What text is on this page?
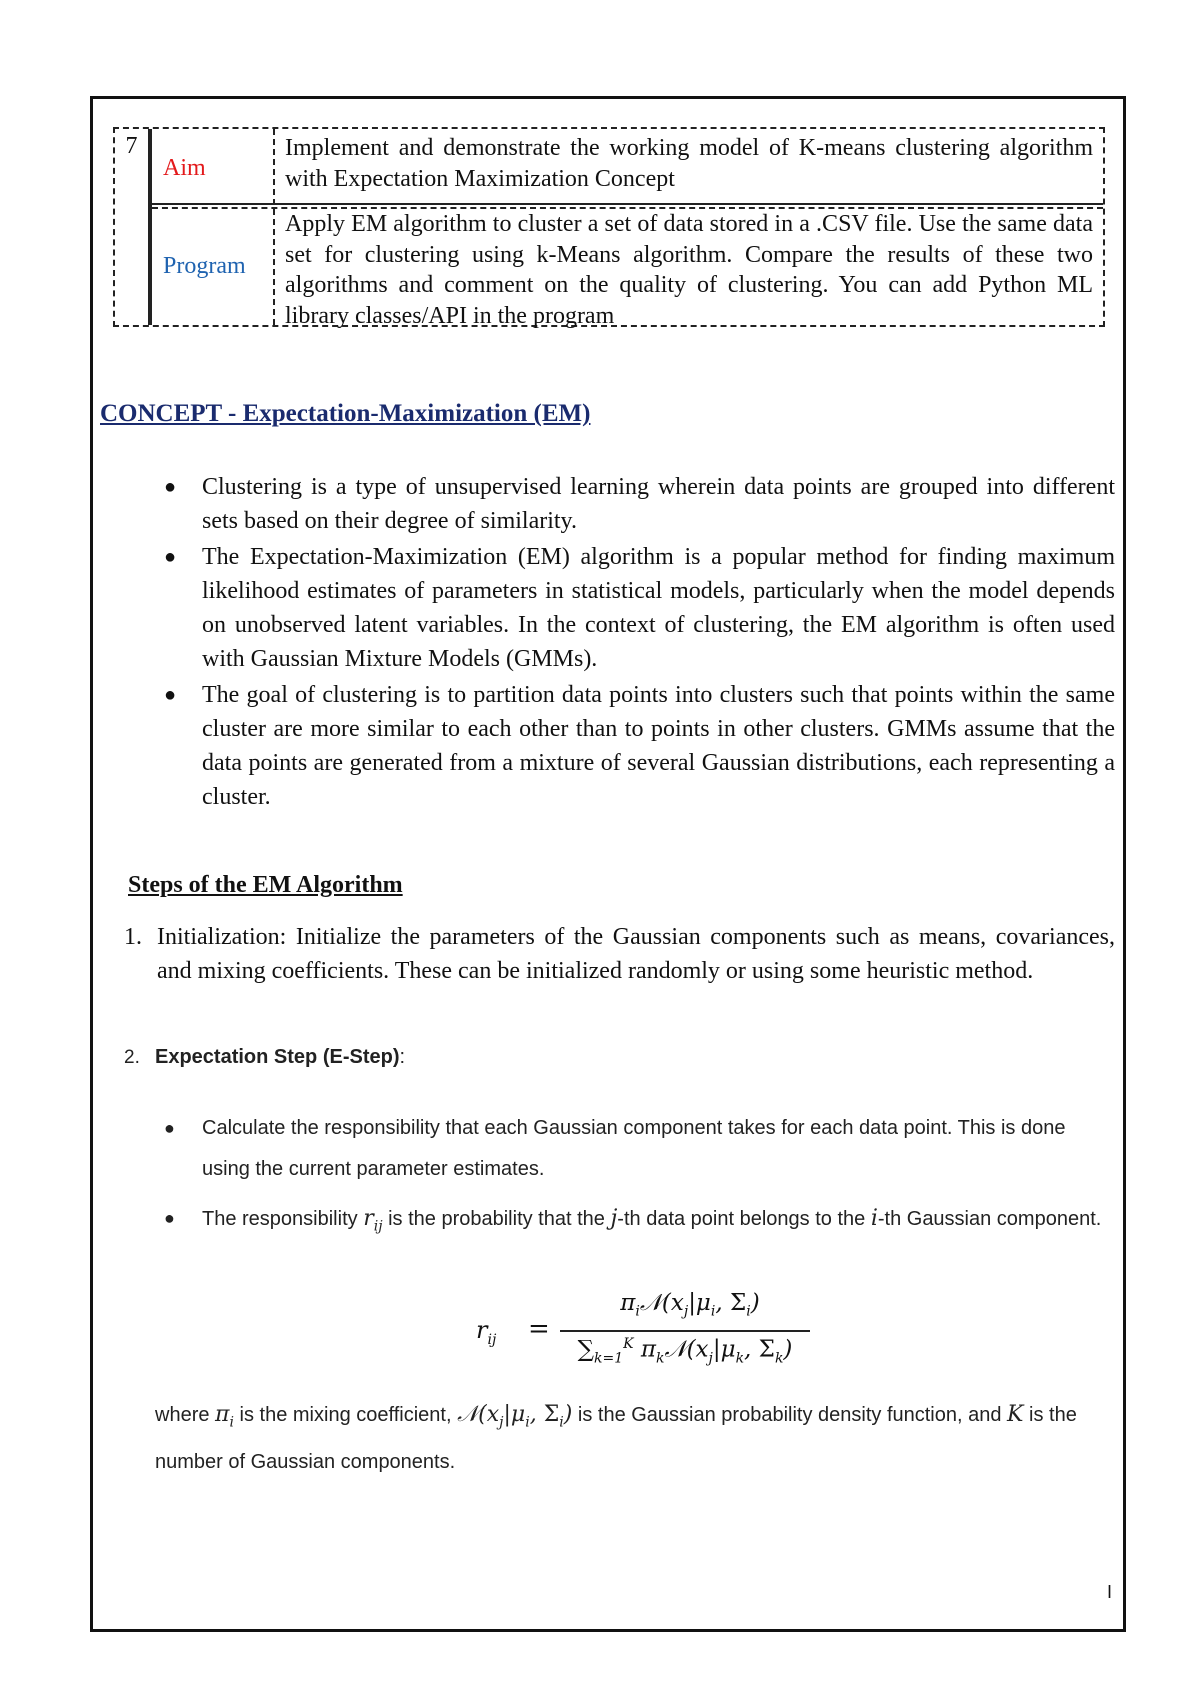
7
Aim
Implement and demonstrate the working model of K-means clustering algorithm with Expectation Maximization Concept
Program
Apply EM algorithm to cluster a set of data stored in a .CSV file. Use the same data set for clustering using k-Means algorithm. Compare the results of these two algorithms and comment on the quality of clustering. You can add Python ML library classes/API in the program
CONCEPT - Expectation-Maximization (EM)
● Clustering is a type of unsupervised learning wherein data points are grouped into different sets based on their degree of similarity.
● The Expectation-Maximization (EM) algorithm is a popular method for finding maximum likelihood estimates of parameters in statistical models, particularly when the model depends on unobserved latent variables. In the context of clustering, the EM algorithm is often used with Gaussian Mixture Models (GMMs).
● The goal of clustering is to partition data points into clusters such that points within the same cluster are more similar to each other than to points in other clusters. GMMs assume that the data points are generated from a mixture of several Gaussian distributions, each representing a cluster.
Steps of the EM Algorithm
1. Initialization: Initialize the parameters of the Gaussian components such as means, covariances, and mixing coefficients. These can be initialized randomly or using some heuristic method.
2. Expectation Step (E-Step):
● Calculate the responsibility that each Gaussian component takes for each data point. This is done using the current parameter estimates.
● The responsibility $r_{ij}$ is the probability that the j-th data point belongs to the i-th Gaussian component.
$r_{ij}$ =
$\pi_i𝒩(x_j|\mu_i$, $\Sigma_i$)
$\sum_{k=1}^K$ $\pi_k𝒩(x_j|\mu_k$, $\Sigma_k$)
where $\pi_i$ is the mixing coefficient, $𝒩(x_j|\mu_i$, $\Sigma_i$) is the Gaussian probability density function, and K is the number of Gaussian components.
I
